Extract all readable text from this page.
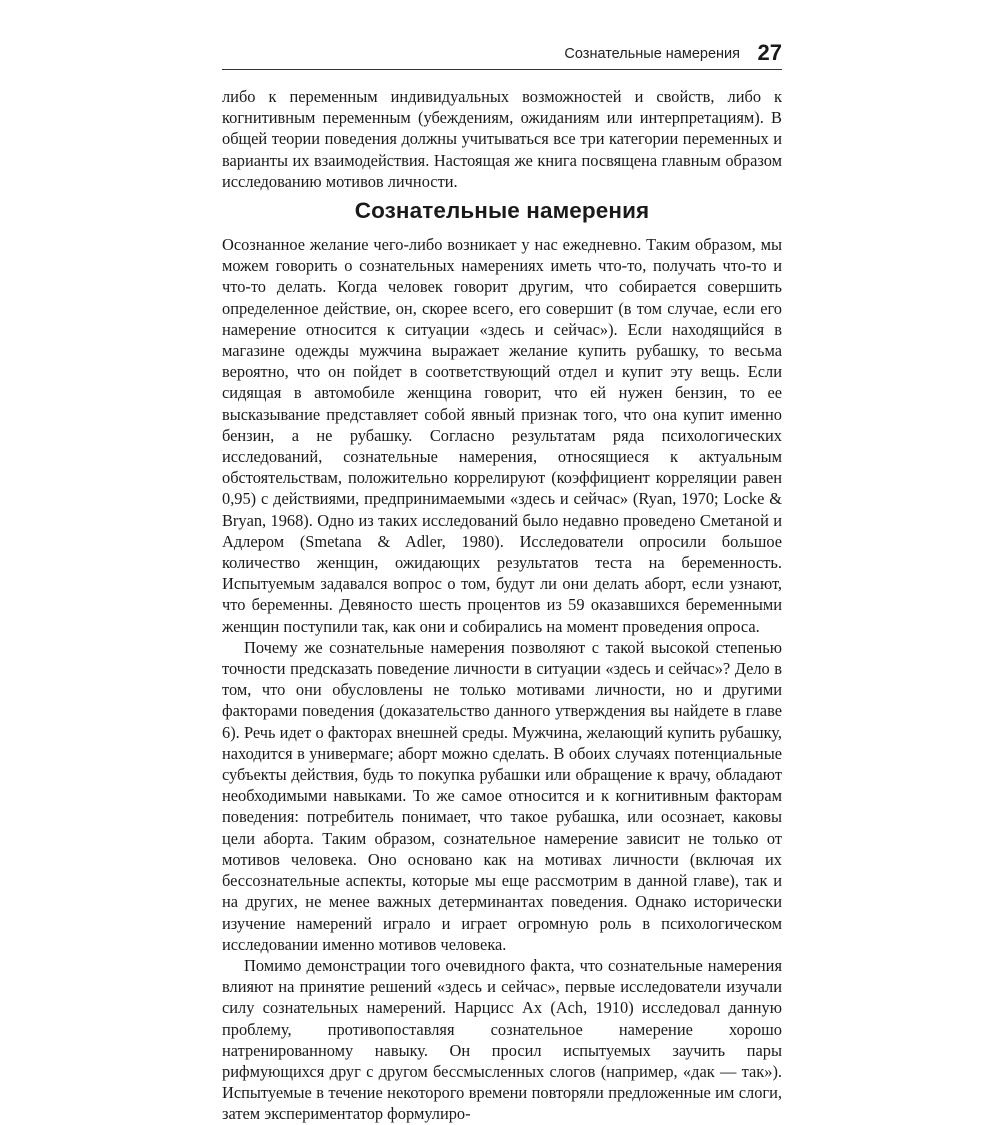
Сознательные намерения 27

либо к переменным индивидуальных возможностей и свойств, либо к когнитивным переменным (убеждениям, ожиданиям или интерпретациям). В общей теории поведения должны учитываться все три категории переменных и варианты их взаимодействия. Настоящая же книга посвящена главным образом исследованию мотивов личности.

Сознательные намерения

Осознанное желание чего-либо возникает у нас ежедневно. Таким образом, мы можем говорить о сознательных намерениях иметь что-то, получать что-то и что-то делать. Когда человек говорит другим, что собирается совершить определенное действие, он, скорее всего, его совершит (в том случае, если его намерение относится к ситуации «здесь и сейчас»). Если находящийся в магазине одежды мужчина выражает желание купить рубашку, то весьма вероятно, что он пойдет в соответствующий отдел и купит эту вещь. Если сидящая в автомобиле женщина говорит, что ей нужен бензин, то ее высказывание представляет собой явный признак того, что она купит именно бензин, а не рубашку. Согласно результатам ряда психологических исследований, сознательные намерения, относящиеся к актуальным обстоятельствам, положительно коррелируют (коэффициент корреляции равен 0,95) с действиями, предпринимаемыми «здесь и сейчас» (Ryan, 1970; Locke & Bryan, 1968). Одно из таких исследований было недавно проведено Сметаной и Адлером (Smetana & Adler, 1980). Исследователи опросили большое количество женщин, ожидающих результатов теста на беременность. Испытуемым задавался вопрос о том, будут ли они делать аборт, если узнают, что беременны. Девяносто шесть процентов из 59 оказавшихся беременными женщин поступили так, как они и собирались на момент проведения опроса.

Почему же сознательные намерения позволяют с такой высокой степенью точности предсказать поведение личности в ситуации «здесь и сейчас»? Дело в том, что они обусловлены не только мотивами личности, но и другими факторами поведения (доказательство данного утверждения вы найдете в главе 6). Речь идет о факторах внешней среды. Мужчина, желающий купить рубашку, находится в универмаге; аборт можно сделать. В обоих случаях потенциальные субъекты действия, будь то покупка рубашки или обращение к врачу, обладают необходимыми навыками. То же самое относится и к когнитивным факторам поведения: потребитель понимает, что такое рубашка, или осознает, каковы цели аборта. Таким образом, сознательное намерение зависит не только от мотивов человека. Оно основано как на мотивах личности (включая их бессознательные аспекты, которые мы еще рассмотрим в данной главе), так и на других, не менее важных детерминантах поведения. Однако исторически изучение намерений играло и играет огромную роль в психологическом исследовании именно мотивов человека.

Помимо демонстрации того очевидного факта, что сознательные намерения влияют на принятие решений «здесь и сейчас», первые исследователи изучали силу сознательных намерений. Нарцисс Ах (Ach, 1910) исследовал данную проблему, противопоставляя сознательное намерение хорошо натренированному навыку. Он просил испытуемых заучить пары рифмующихся друг с другом бессмысленных слогов (например, «дак — так»). Испытуемые в течение некоторого времени повторяли предложенные им слоги, затем экспериментатор формулиро-
